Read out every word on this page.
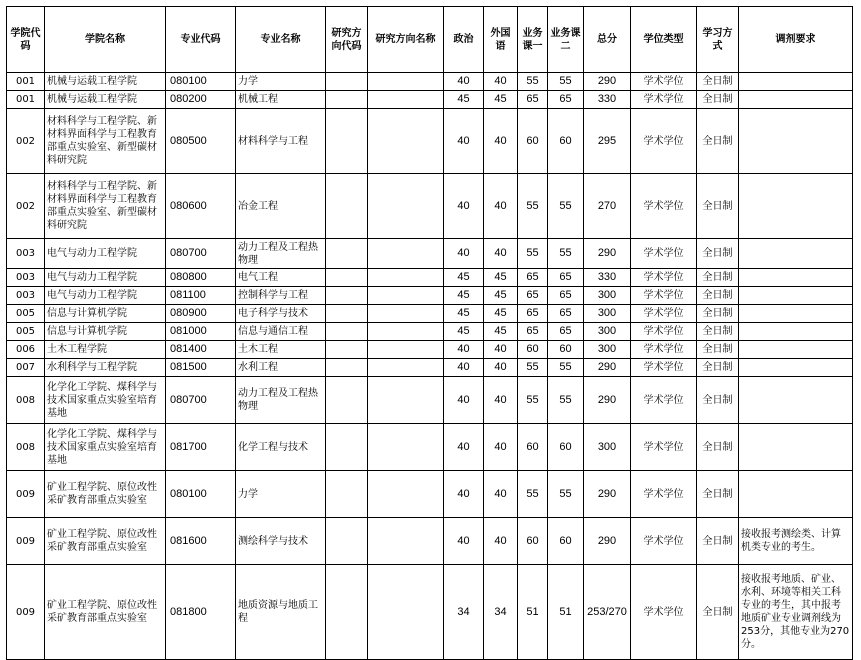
学院代码	学院名称	专业代码	专业名称	研究方向代码	研究方向名称	政治	外国语	业务课一	业务课二	总分	学位类型	学习方式	调剂要求
001	机械与运载工程学院	080100	力学			40	40	55	55	290	学术学位	全日制	
001	机械与运载工程学院	080200	机械工程			45	45	65	65	330	学术学位	全日制	
002	材料科学与工程学院、新材料界面科学与工程教育部重点实验室、新型碳材料研究院	080500	材料科学与工程			40	40	60	60	295	学术学位	全日制	
002	材料科学与工程学院、新材料界面科学与工程教育部重点实验室、新型碳材料研究院	080600	冶金工程			40	40	55	55	270	学术学位	全日制	
003	电气与动力工程学院	080700	动力工程及工程热物理			40	40	55	55	290	学术学位	全日制	
003	电气与动力工程学院	080800	电气工程			45	45	65	65	330	学术学位	全日制	
003	电气与动力工程学院	081100	控制科学与工程			45	45	65	65	300	学术学位	全日制	
005	信息与计算机学院	080900	电子科学与技术			45	45	65	65	300	学术学位	全日制	
005	信息与计算机学院	081000	信息与通信工程			45	45	65	65	300	学术学位	全日制	
006	土木工程学院	081400	土木工程			40	40	60	60	300	学术学位	全日制	
007	水利科学与工程学院	081500	水利工程			40	40	55	55	290	学术学位	全日制	
008	化学化工学院、煤科学与技术国家重点实验室培育基地	080700	动力工程及工程热物理			40	40	55	55	290	学术学位	全日制	
008	化学化工学院、煤科学与技术国家重点实验室培育基地	081700	化学工程与技术			40	40	60	60	300	学术学位	全日制	
009	矿业工程学院、原位改性采矿教育部重点实验室	080100	力学			40	40	55	55	290	学术学位	全日制	
009	矿业工程学院、原位改性采矿教育部重点实验室	081600	测绘科学与技术			40	40	60	60	290	学术学位	全日制	接收报考测绘类、计算机类专业的考生。
009	矿业工程学院、原位改性采矿教育部重点实验室	081800	地质资源与地质工程			34	34	51	51	253/270	学术学位	全日制	接收报考地质、矿业、水利、环境等相关工科专业的考生，其中报考地质矿业专业调剂线为253分，其他专业为270分。
